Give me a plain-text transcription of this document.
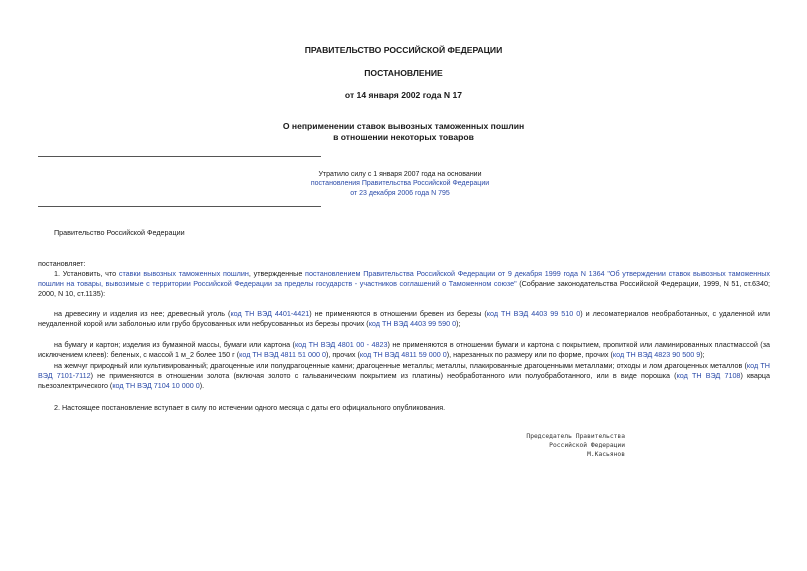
ПРАВИТЕЛЬСТВО РОССИЙСКОЙ ФЕДЕРАЦИИ
ПОСТАНОВЛЕНИЕ
от 14 января 2002 года N 17
О неприменении ставок вывозных таможенных пошлин
в отношении некоторых товаров
Утратило силу с 1 января 2007 года на основании
постановления Правительства Российской Федерации
от 23 декабря 2006 года N 795
Правительство Российской Федерации
постановляет:
1. Установить, что ставки вывозных таможенных пошлин, утвержденные постановлением Правительства Российской Федерации от 9 декабря 1999 года N 1364 "Об утверждении ставок вывозных таможенных пошлин на товары, вывозимые с территории Российской Федерации за пределы государств - участников соглашений о Таможенном союзе" (Собрание законодательства Российской Федерации, 1999, N 51, ст.6340; 2000, N 10, ст.1135):
на древесину и изделия из нее; древесный уголь (код ТН ВЭД 4401-4421) не применяются в отношении бревен из березы (код ТН ВЭД 4403 99 510 0) и лесоматериалов необработанных, с удаленной или неудаленной корой или заболонью или грубо брусованных или небрусованных из березы прочих (код ТН ВЭД 4403 99 590 0);
на бумагу и картон; изделия из бумажной массы, бумаги или картона (код ТН ВЭД 4801 00 - 4823) не применяются в отношении бумаги и картона с покрытием, пропиткой или ламинированных пластмассой (за исключением клеев): беленых, с массой 1 м_2 более 150 г (код ТН ВЭД 4811 51 000 0), прочих (код ТН ВЭД 4811 59 000 0), нарезанных по размеру или по форме, прочих (код ТН ВЭД 4823 90 500 9);
на жемчуг природный или культивированный; драгоценные или полудрагоценные камни; драгоценные металлы; металлы, плакированные драгоценными металлами; отходы и лом драгоценных металлов (код ТН ВЭД 7101-7112) не применяются в отношении золота (включая золото с гальваническим покрытием из платины) необработанного или полуобработанного, или в виде порошка (код ТН ВЭД 7108) кварца пьезоэлектрического (код ТН ВЭД 7104 10 000 0).
2. Настоящее постановление вступает в силу по истечении одного месяца с даты его официального опубликования.
Председатель Правительства
Российской Федерации
М.Касьянов
